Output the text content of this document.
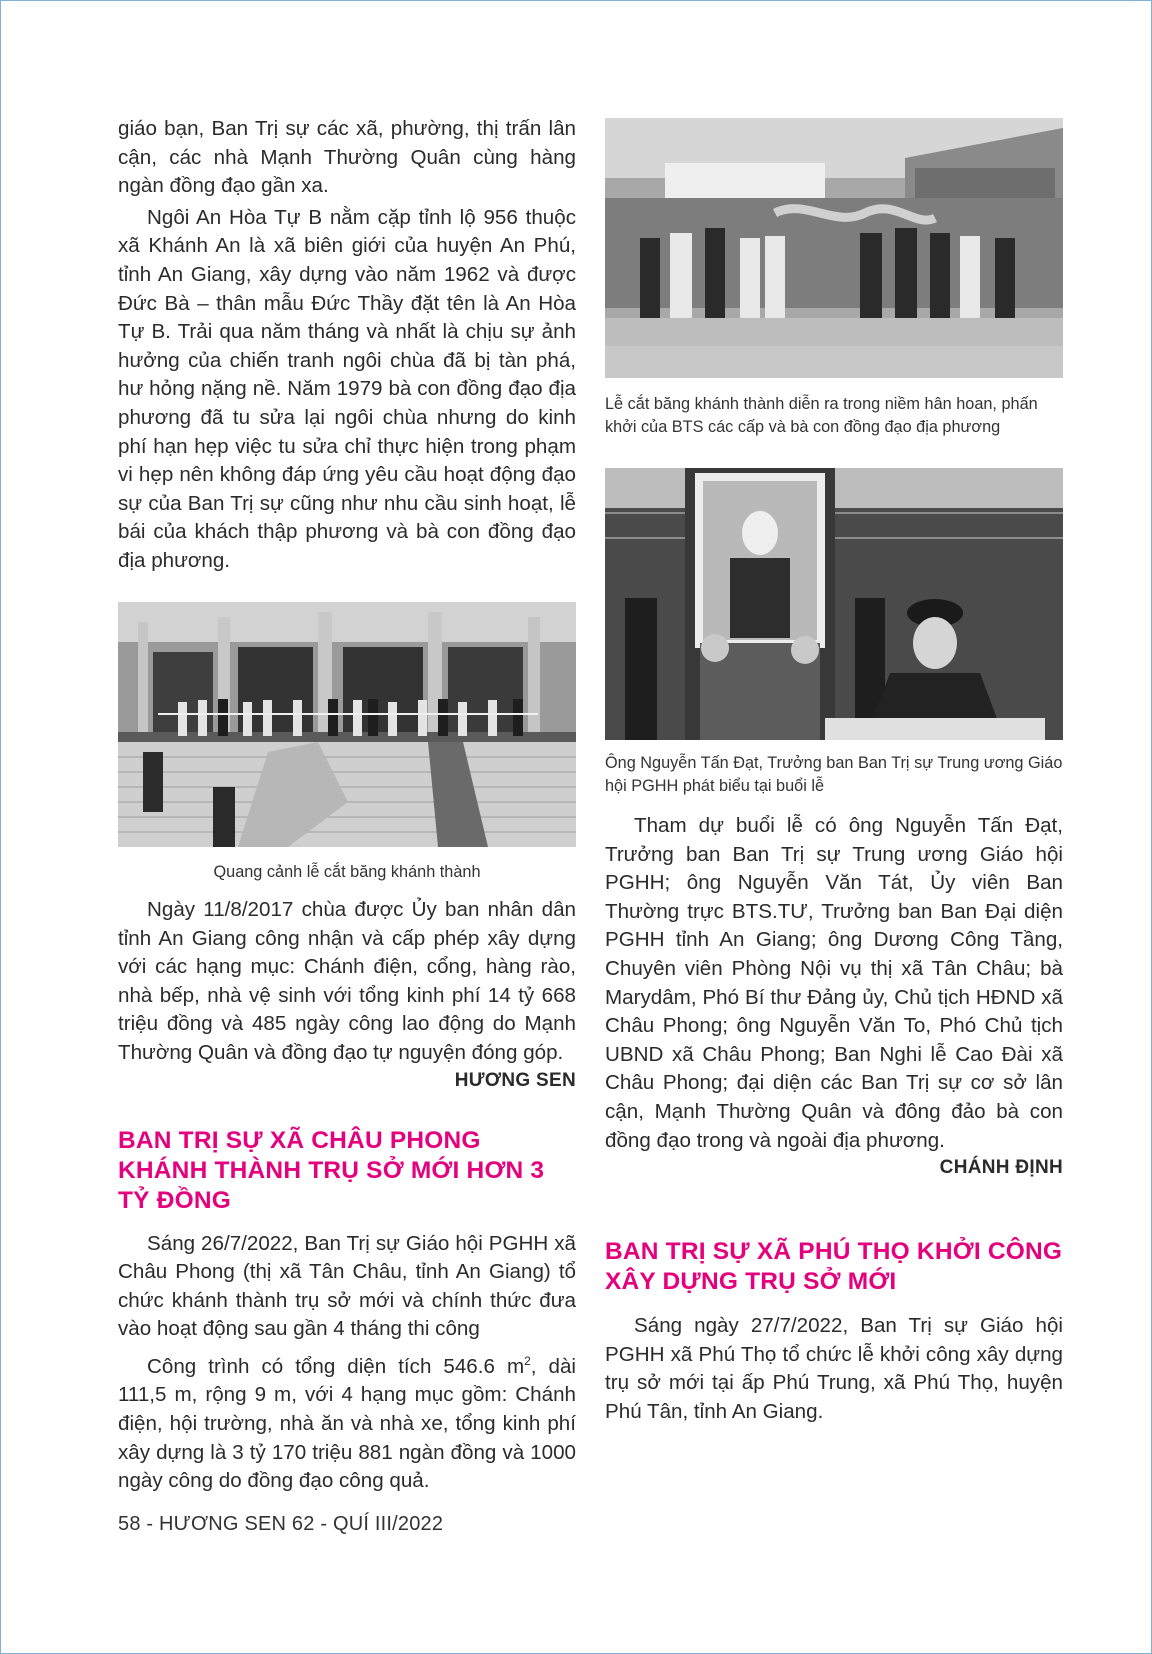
giáo bạn, Ban Trị sự các xã, phường, thị trấn lân cận, các nhà Mạnh Thường Quân cùng hàng ngàn đồng đạo gần xa.

Ngôi An Hòa Tự B nằm cặp tỉnh lộ 956 thuộc xã Khánh An là xã biên giới của huyện An Phú, tỉnh An Giang, xây dựng vào năm 1962 và được Đức Bà – thân mẫu Đức Thầy đặt tên là An Hòa Tự B. Trải qua năm tháng và nhất là chịu sự ảnh hưởng của chiến tranh ngôi chùa đã bị tàn phá, hư hỏng nặng nề. Năm 1979 bà con đồng đạo địa phương đã tu sửa lại ngôi chùa nhưng do kinh phí hạn hẹp việc tu sửa chỉ thực hiện trong phạm vi hẹp nên không đáp ứng yêu cầu hoạt động đạo sự của Ban Trị sự cũng như nhu cầu sinh hoạt, lễ bái của khách thập phương và bà con đồng đạo địa phương.

Quang cảnh lễ cắt băng khánh thành

Ngày 11/8/2017 chùa được Ủy ban nhân dân tỉnh An Giang công nhận và cấp phép xây dựng với các hạng mục: Chánh điện, cổng, hàng rào, nhà bếp, nhà vệ sinh với tổng kinh phí 14 tỷ 668 triệu đồng và 485 ngày công lao động do Mạnh Thường Quân và đồng đạo tự nguyện đóng góp.

HƯƠNG SEN

BAN TRỊ SỰ XÃ CHÂU PHONG KHÁNH THÀNH TRỤ SỞ MỚI HƠN 3 TỶ ĐỒNG

Sáng 26/7/2022, Ban Trị sự Giáo hội PGHH xã Châu Phong (thị xã Tân Châu, tỉnh An Giang) tổ chức khánh thành trụ sở mới và chính thức đưa vào hoạt động sau gần 4 tháng thi công

Công trình có tổng diện tích 546.6 $m^2$, dài 111,5 m, rộng 9 m, với 4 hạng mục gồm: Chánh điện, hội trường, nhà ăn và nhà xe, tổng kinh phí xây dựng là 3 tỷ 170 triệu 881 ngàn đồng và 1000 ngày công do đồng đạo công quả.

Lễ cắt băng khánh thành diễn ra trong niềm hân hoan, phấn khởi của BTS các cấp và bà con đồng đạo địa phương

Ông Nguyễn Tấn Đạt, Trưởng ban Ban Trị sự Trung ương Giáo hội PGHH phát biểu tại buổi lễ

Tham dự buổi lễ có ông Nguyễn Tấn Đạt, Trưởng ban Ban Trị sự Trung ương Giáo hội PGHH; ông Nguyễn Văn Tát, Ủy viên Ban Thường trực BTS.TƯ, Trưởng ban Ban Đại diện PGHH tỉnh An Giang; ông Dương Công Tầng, Chuyên viên Phòng Nội vụ thị xã Tân Châu; bà Marydâm, Phó Bí thư Đảng ủy, Chủ tịch HĐND xã Châu Phong; ông Nguyễn Văn To, Phó Chủ tịch UBND xã Châu Phong; Ban Nghi lễ Cao Đài xã Châu Phong; đại diện các Ban Trị sự cơ sở lân cận, Mạnh Thường Quân và đông đảo bà con đồng đạo trong và ngoài địa phương.

CHÁNH ĐỊNH

BAN TRỊ SỰ XÃ PHÚ THỌ KHỞI CÔNG XÂY DỰNG TRỤ SỞ MỚI

Sáng ngày 27/7/2022, Ban Trị sự Giáo hội PGHH xã Phú Thọ tổ chức lễ khởi công xây dựng trụ sở mới tại ấp Phú Trung, xã Phú Thọ, huyện Phú Tân, tỉnh An Giang.

58 - HƯƠNG SEN 62 - QUÍ III/2022
